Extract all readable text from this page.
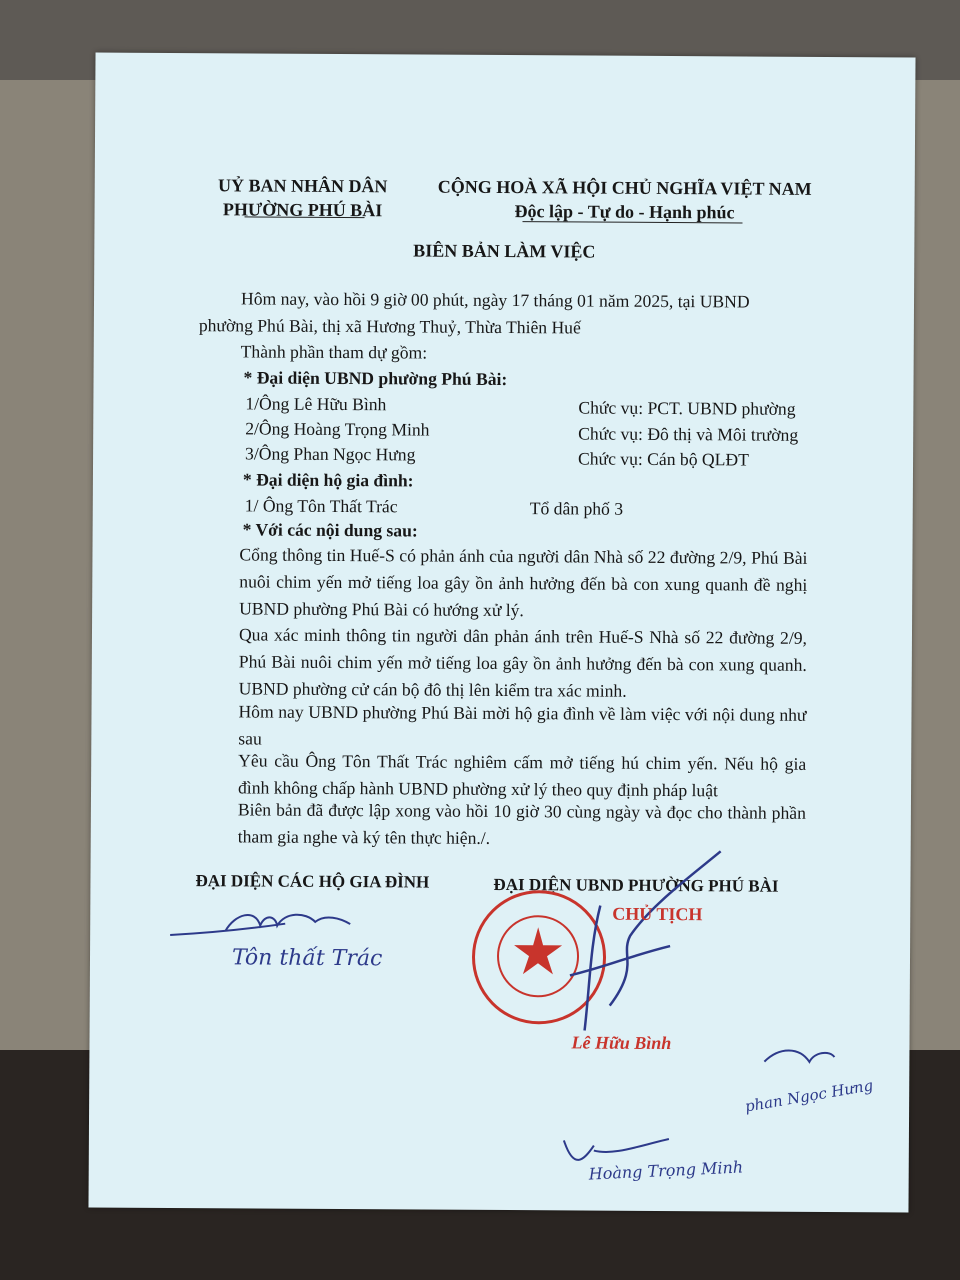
UỶ BAN NHÂN DÂN
PHƯỜNG PHÚ BÀI
CỘNG HOÀ XÃ HỘI CHỦ NGHĨA VIỆT NAM
Độc lập - Tự do - Hạnh phúc
BIÊN BẢN LÀM VIỆC
Hôm nay, vào hồi 9 giờ 00 phút, ngày 17 tháng 01 năm 2025, tại UBND
phường Phú Bài, thị xã Hương Thuỷ, Thừa Thiên Huế
Thành phần tham dự gồm:
* Đại diện UBND phường Phú Bài:
1/Ông Lê Hữu Bình	Chức vụ: PCT. UBND phường
2/Ông Hoàng Trọng Minh	Chức vụ: Đô thị và Môi trường
3/Ông Phan Ngọc Hưng	Chức vụ: Cán bộ QLĐT
* Đại diện hộ gia đình:
1/ Ông Tôn Thất Trác	Tổ dân phố 3
* Với các nội dung sau:
Cổng thông tin Huế-S có phản ánh của người dân Nhà số 22 đường 2/9, Phú Bài nuôi chim yến mở tiếng loa gây ồn ảnh hưởng đến bà con xung quanh đề nghị UBND phường Phú Bài có hướng xử lý.
Qua xác minh thông tin người dân phản ánh trên Huế-S Nhà số 22 đường 2/9, Phú Bài nuôi chim yến mở tiếng loa gây ồn ảnh hưởng đến bà con xung quanh. UBND phường cử cán bộ đô thị lên kiểm tra xác minh.
Hôm nay UBND phường Phú Bài mời hộ gia đình về làm việc với nội dung như sau
Yêu cầu Ông Tôn Thất Trác nghiêm cấm mở tiếng hú chim yến. Nếu hộ gia đình không chấp hành UBND phường xử lý theo quy định pháp luật
Biên bản đã được lập xong vào hồi 10 giờ 30 cùng ngày và đọc cho thành phần tham gia nghe và ký tên thực hiện./.
ĐẠI DIỆN CÁC HỘ GIA ĐÌNH	ĐẠI DIỆN UBND PHƯỜNG PHÚ BÀI
Tôn thất Trác
CHỦ TỊCH
Lê Hữu Bình
phan Ngọc Hưng
Hoàng Trọng Minh
